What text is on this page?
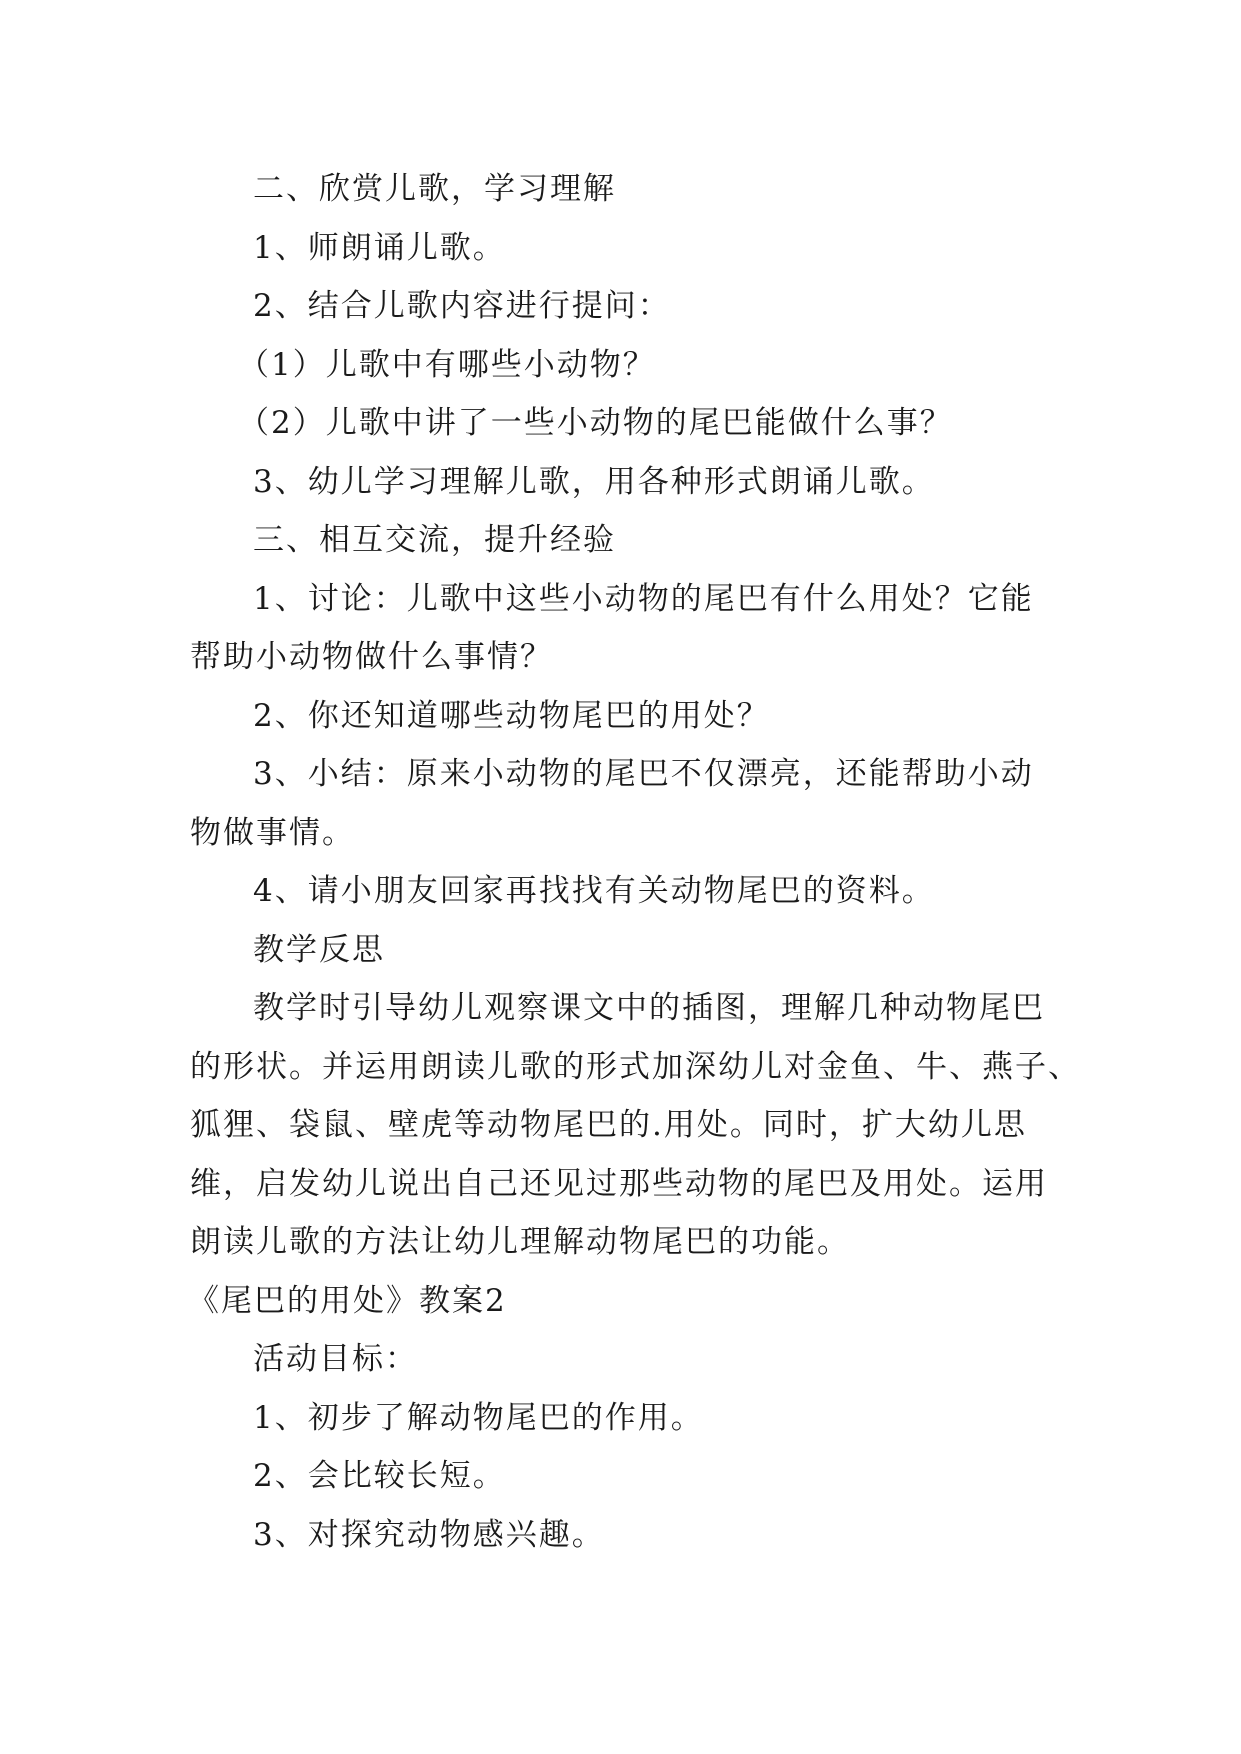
二、欣赏儿歌，学习理解
1、师朗诵儿歌。
2、结合儿歌内容进行提问：
（1）儿歌中有哪些小动物？
（2）儿歌中讲了一些小动物的尾巴能做什么事？
3、幼儿学习理解儿歌，用各种形式朗诵儿歌。
三、相互交流，提升经验
1、讨论：儿歌中这些小动物的尾巴有什么用处？它能
帮助小动物做什么事情？
2、你还知道哪些动物尾巴的用处？
3、小结：原来小动物的尾巴不仅漂亮，还能帮助小动
物做事情。
4、请小朋友回家再找找有关动物尾巴的资料。
教学反思
教学时引导幼儿观察课文中的插图，理解几种动物尾巴
的形状。并运用朗读儿歌的形式加深幼儿对金鱼、牛、燕子、
狐狸、袋鼠、壁虎等动物尾巴的.用处。同时，扩大幼儿思
维，启发幼儿说出自己还见过那些动物的尾巴及用处。运用
朗读儿歌的方法让幼儿理解动物尾巴的功能。
《尾巴的用处》教案2
活动目标：
1、初步了解动物尾巴的作用。
2、会比较长短。
3、对探究动物感兴趣。
